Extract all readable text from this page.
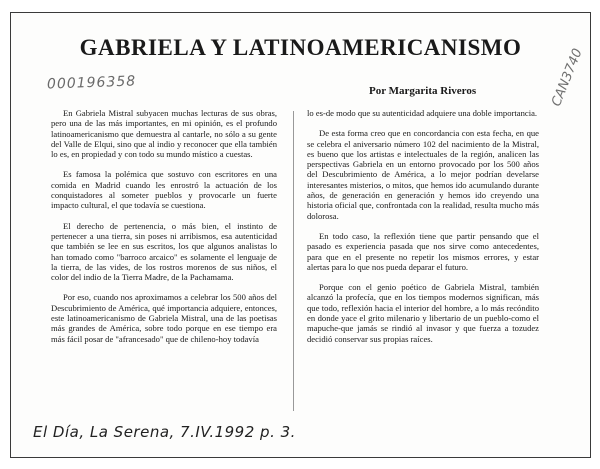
GABRIELA Y LATINOAMERICANISMO

000196358	Por Margarita Riveros	CAN3740

En Gabriela Mistral subyacen muchas lecturas de sus obras, pero una de las más importantes, en mi opinión, es el profundo latinoamericanismo que demuestra al cantarle, no sólo a su gente del Valle de Elqui, sino que al indio y reconocer que ella también lo es, en propiedad y con todo su mundo místico a cuestas.

Es famosa la polémica que sostuvo con escritores en una comida en Madrid cuando les enrostró la actuación de los conquistadores al someter pueblos y provocarle un fuerte impacto cultural, el que todavía se cuestiona.

El derecho de pertenencia, o más bien, el instinto de pertenecer a una tierra, sin poses ni arribismos, esa autenticidad que también se lee en sus escritos, los que algunos analistas lo han tomado como "barroco arcaico" es solamente el lenguaje de la tierra, de las vides, de los rostros morenos de sus niños, el color del indio de la Tierra Madre, de la Pachamama.

Por eso, cuando nos aproximamos a celebrar los 500 años del Descubrimiento de América, qué importancia adquiere, entonces, este latinoamericanismo de Gabriela Mistral, una de las poetisas más grandes de América, sobre todo porque en ese tiempo era más fácil posar de "afrancesado" que de chileno-hoy todavía

lo es-de modo que su autenticidad adquiere una doble importancia.

De esta forma creo que en concordancia con esta fecha, en que se celebra el aniversario número 102 del nacimiento de la Mistral, es bueno que los artistas e intelectuales de la región, analicen las perspectivas Gabriela en un entorno provocado por los 500 años del Descubrimiento de América, a lo mejor podrían develarse interesantes misterios, o mitos, que hemos ido acumulando durante años, de generación en generación y hemos ido creyendo una historia oficial que, confrontada con la realidad, resulta mucho más dolorosa.

En todo caso, la reflexión tiene que partir pensando que el pasado es experiencia pasada que nos sirve como antecedentes, para que en el presente no repetir los mismos errores, y estar alertas para lo que nos pueda deparar el futuro.

Porque con el genio poético de Gabriela Mistral, también alcanzó la profecía, que en los tiempos modernos significan, más que todo, reflexión hacia el interior del hombre, a lo más recóndito en donde yace el grito milenario y libertario de un pueblo-como el mapuche-que jamás se rindió al invasor y que fuerza a tozudez decidió conservar sus propias raíces.

El Día, La Serena, 7.IV.1992 p. 3.
